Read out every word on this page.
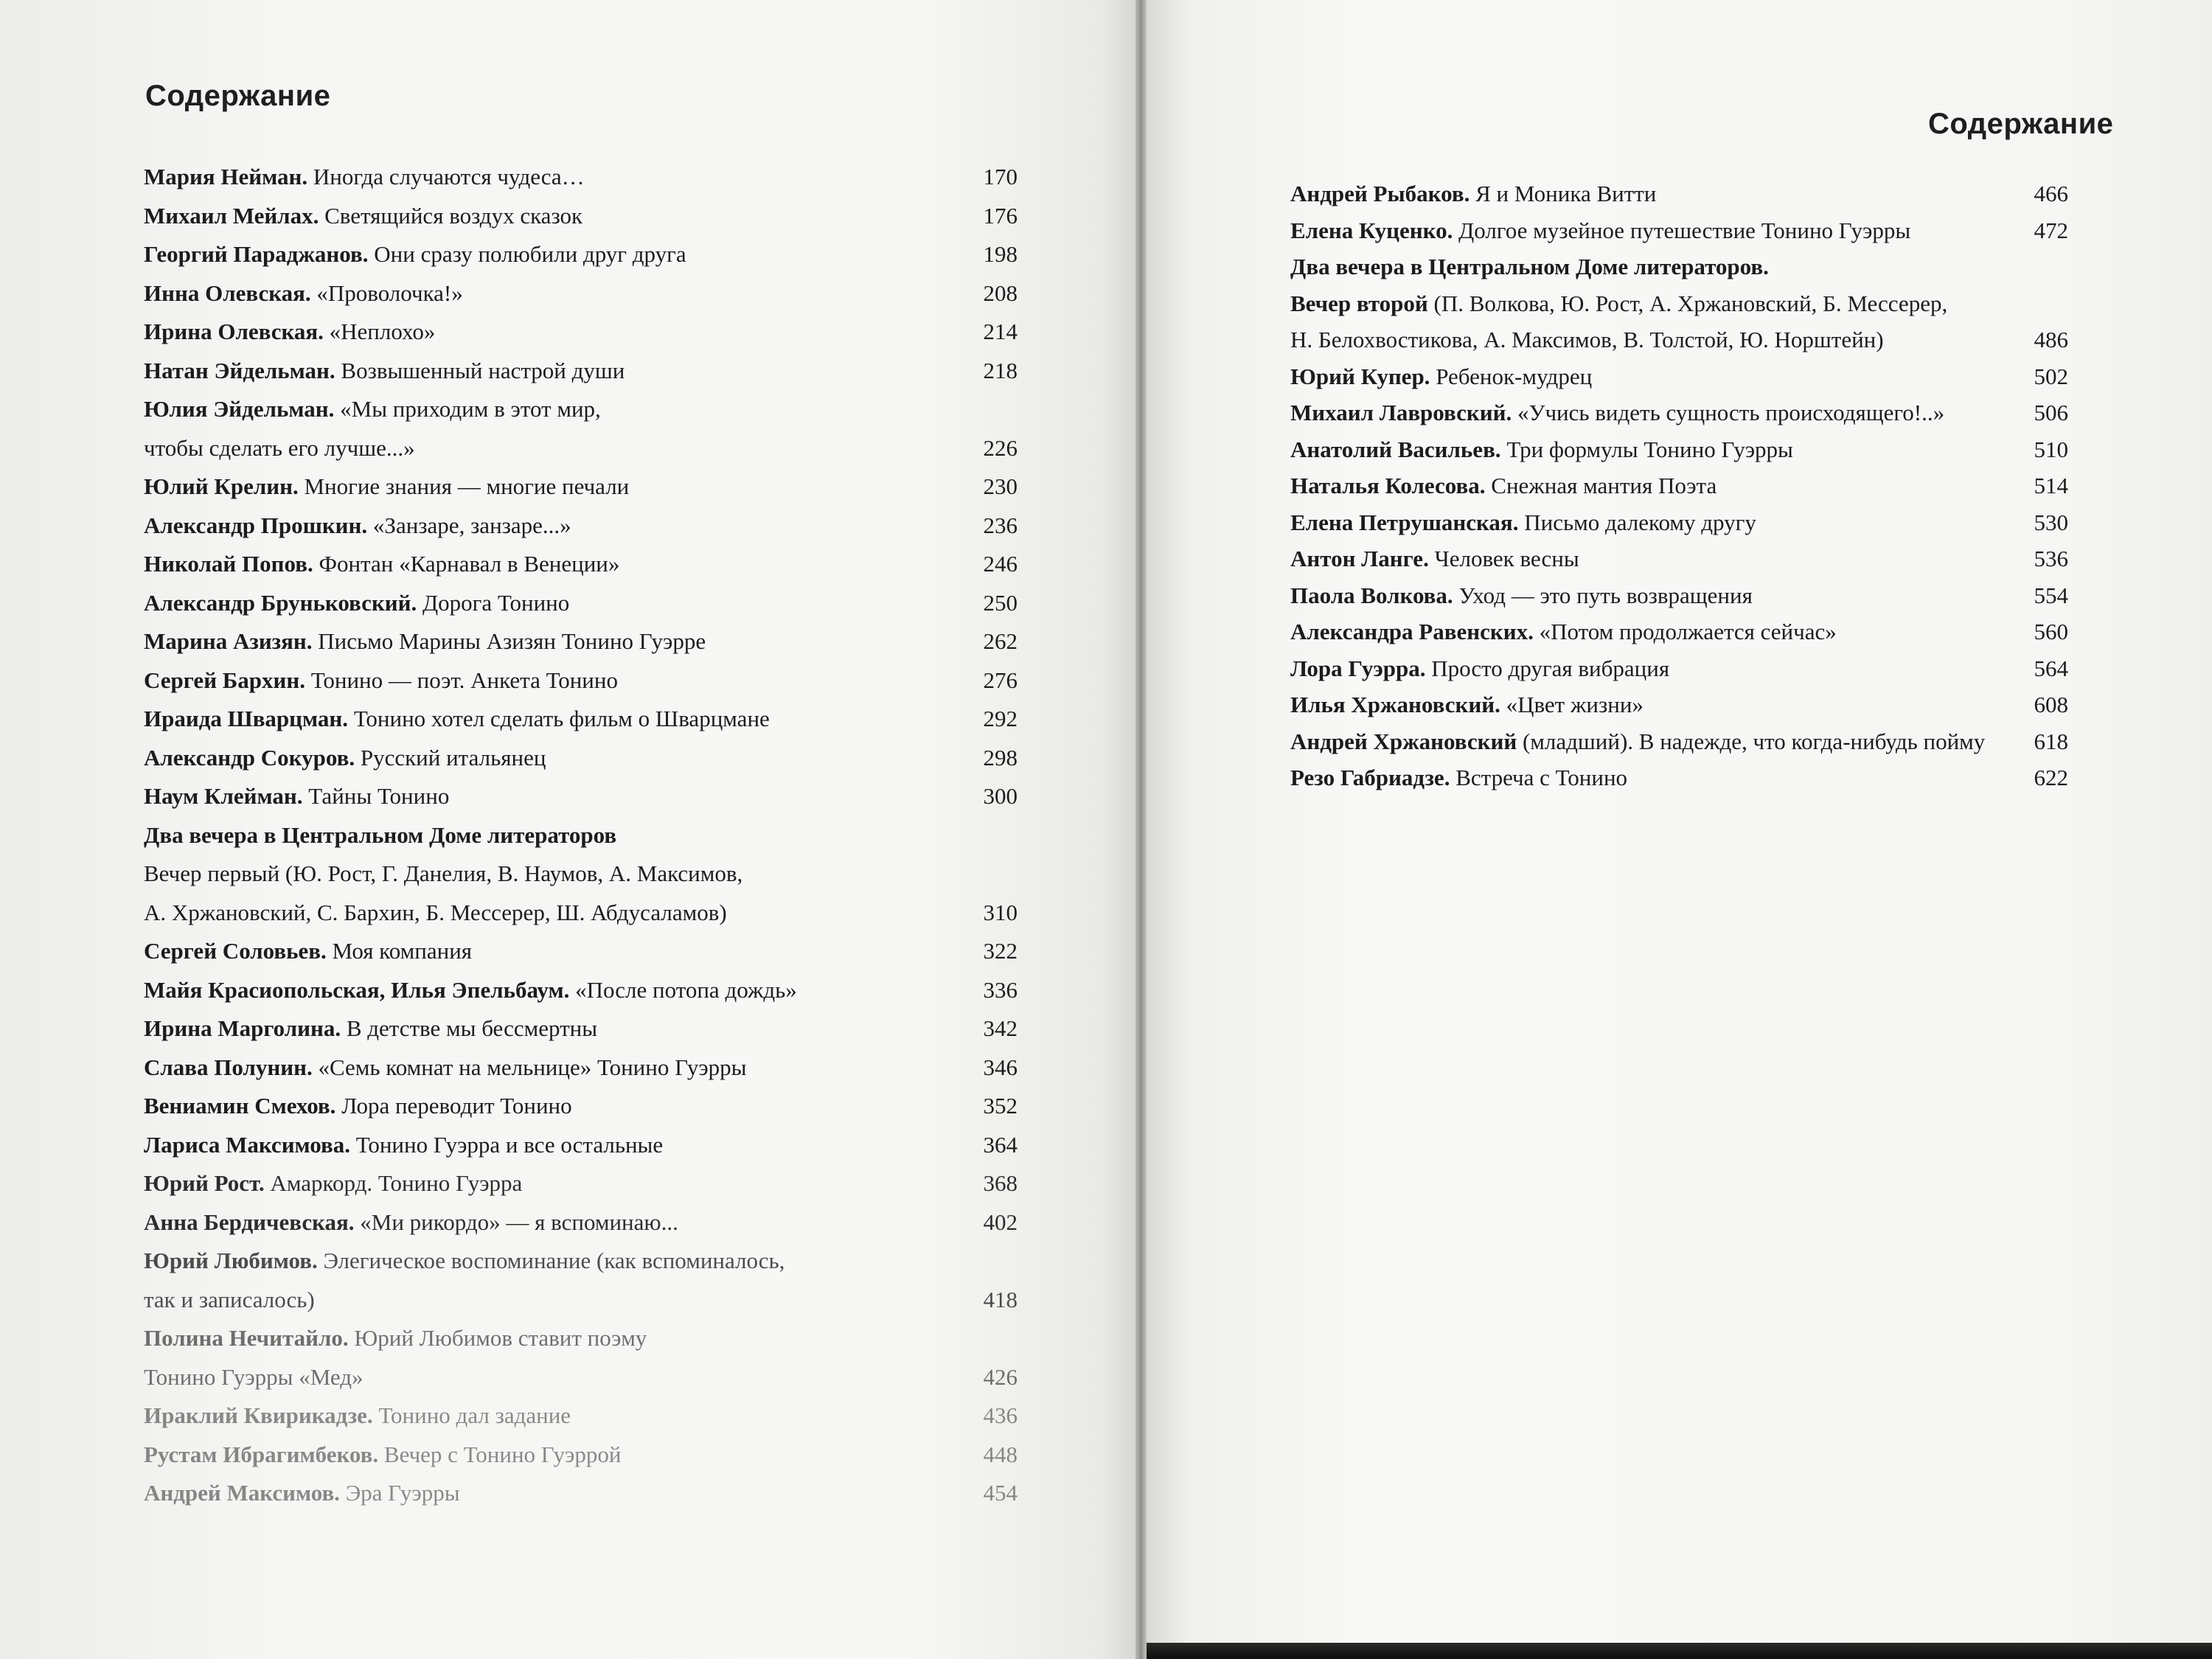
Содержание
Мария Нейман. Иногда случаются чудеса…	170
Михаил Мейлах. Светящийся воздух сказок	176
Георгий Параджанов. Они сразу полюбили друг друга	198
Инна Олевская. «Проволочка!»	208
Ирина Олевская. «Неплохо»	214
Натан Эйдельман. Возвышенный настрой души	218
Юлия Эйдельман. «Мы приходим в этот мир,
чтобы сделать его лучше...»	226
Юлий Крелин. Многие знания — многие печали	230
Александр Прошкин. «Занзаре, занзаре...»	236
Николай Попов. Фонтан «Карнавал в Венеции»	246
Александр Бруньковский. Дорога Тонино	250
Марина Азизян. Письмо Марины Азизян Тонино Гуэрре	262
Сергей Бархин. Тонино — поэт. Анкета Тонино	276
Ираида Шварцман. Тонино хотел сделать фильм о Шварцмане	292
Александр Сокуров. Русский итальянец	298
Наум Клейман. Тайны Тонино	300
Два вечера в Центральном Доме литераторов
Вечер первый (Ю. Рост, Г. Данелия, В. Наумов, А. Максимов,
А. Хржановский, С. Бархин, Б. Мессерер, Ш. Абдусаламов)	310
Сергей Соловьев. Моя компания	322
Майя Красиопольская, Илья Эпельбаум. «После потопа дождь»	336
Ирина Марголина. В детстве мы бессмертны	342
Слава Полунин. «Семь комнат на мельнице» Тонино Гуэрры	346
Вениамин Смехов. Лора переводит Тонино	352
Лариса Максимова. Тонино Гуэрра и все остальные	364
Юрий Рост. Амаркорд. Тонино Гуэрра	368
Анна Бердичевская. «Ми рикордо» — я вспоминаю...	402
Юрий Любимов. Элегическое воспоминание (как вспоминалось,
так и записалось)	418
Полина Нечитайло. Юрий Любимов ставит поэму
Тонино Гуэрры «Мед»	426
Ираклий Квирикадзе. Тонино дал задание	436
Рустам Ибрагимбеков. Вечер с Тонино Гуэррой	448
Андрей Максимов. Эра Гуэрры	454
Содержание
Андрей Рыбаков. Я и Моника Витти	466
Елена Куценко. Долгое музейное путешествие Тонино Гуэрры	472
Два вечера в Центральном Доме литераторов.
Вечер второй (П. Волкова, Ю. Рост, А. Хржановский, Б. Мессерер,
Н. Белохвостикова, А. Максимов, В. Толстой, Ю. Норштейн)	486
Юрий Купер. Ребенок-мудрец	502
Михаил Лавровский. «Учись видеть сущность происходящего!..»	506
Анатолий Васильев. Три формулы Тонино Гуэрры	510
Наталья Колесова. Снежная мантия Поэта	514
Елена Петрушанская. Письмо далекому другу	530
Антон Ланге. Человек весны	536
Паола Волкова. Уход — это путь возвращения	554
Александра Равенских. «Потом продолжается сейчас»	560
Лора Гуэрра. Просто другая вибрация	564
Илья Хржановский. «Цвет жизни»	608
Андрей Хржановский (младший). В надежде, что когда-нибудь пойму	618
Резо Габриадзе. Встреча с Тонино	622
